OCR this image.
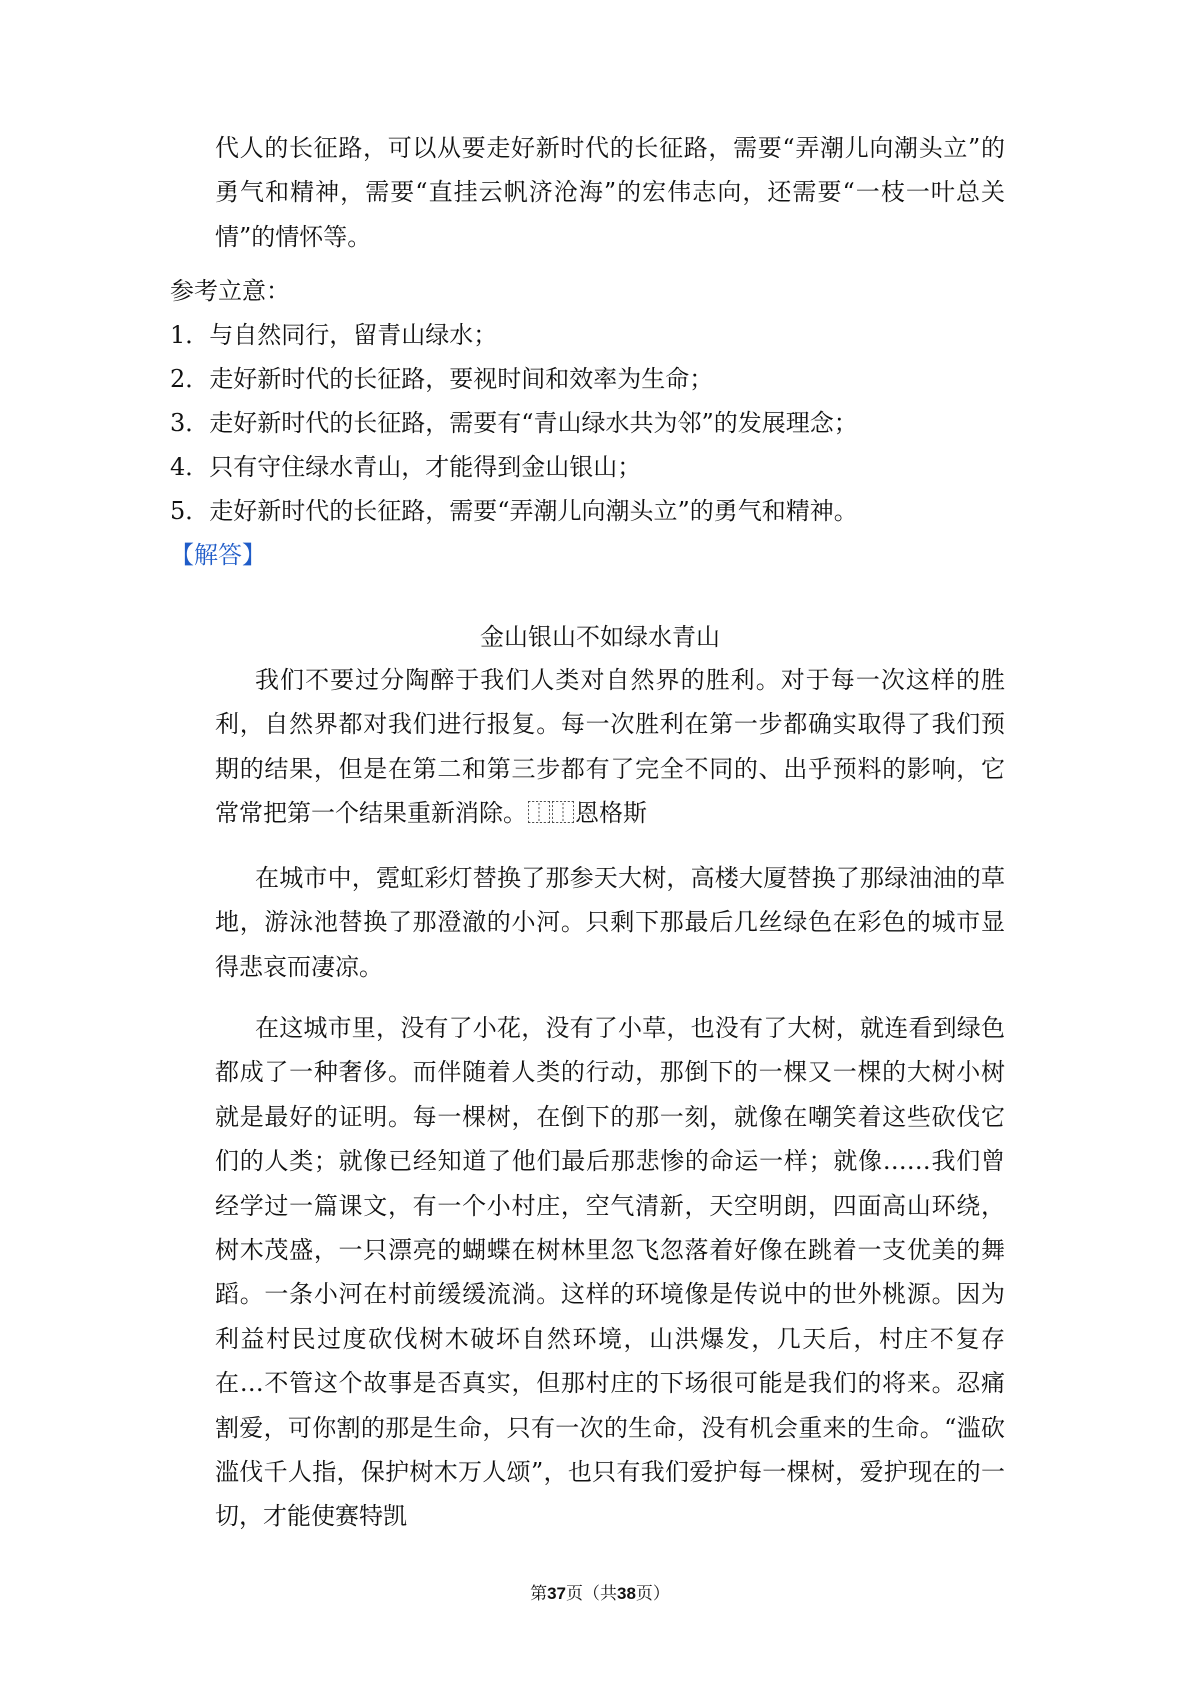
代人的长征路，可以从要走好新时代的长征路，需要“弄潮儿向潮头立”的勇气和精神，需要“直挂云帆济沧海”的宏伟志向，还需要“一枝一叶总关情”的情怀等。

参考立意：

1．与自然同行，留青山绿水；

2．走好新时代的长征路，要视时间和效率为生命；

3．走好新时代的长征路，需要有“青山绿水共为邻”的发展理念；

4．只有守住绿水青山，才能得到金山银山；

5．走好新时代的长征路，需要“弄潮儿向潮头立”的勇气和精神。

【解答】

金山银山不如绿水青山

我们不要过分陶醉于我们人类对自然界的胜利。对于每一次这样的胜利，自然界都对我们进行报复。每一次胜利在第一步都确实取得了我们预期的结果，但是在第二和第三步都有了完全不同的、出乎预料的影响，它常常把第一个结果重新消除。⿰⿰恩格斯

在城市中，霓虹彩灯替换了那参天大树，高楼大厦替换了那绿油油的草地，游泳池替换了那澄澈的小河。只剩下那最后几丝绿色在彩色的城市显得悲哀而凄凉。

在这城市里，没有了小花，没有了小草，也没有了大树，就连看到绿色都成了一种奢侈。而伴随着人类的行动，那倒下的一棵又一棵的大树小树就是最好的证明。每一棵树，在倒下的那一刻，就像在嘲笑着这些砍伐它们的人类；就像已经知道了他们最后那悲惨的命运一样；就像……我们曾经学过一篇课文，有一个小村庄，空气清新，天空明朗，四面高山环绕，树木茂盛，一只漂亮的蝴蝶在树林里忽飞忽落着好像在跳着一支优美的舞蹈。一条小河在村前缓缓流淌。这样的环境像是传说中的世外桃源。因为利益村民过度砍伐树木破坏自然环境，山洪爆发，几天后，村庄不复存在…不管这个故事是否真实，但那村庄的下场很可能是我们的将来。忍痛割爱，可你割的那是生命，只有一次的生命，没有机会重来的生命。“滥砍滥伐千人指，保护树木万人颂”，也只有我们爱护每一棵树，爱护现在的一切，才能使赛特凯

第37页（共38页）
